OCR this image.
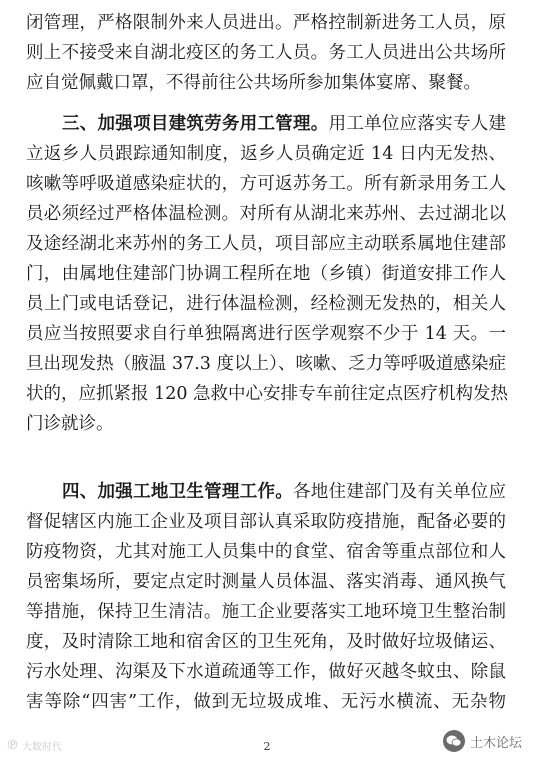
闭管理，严格限制外来人员进出。严格控制新进务工人员，原
则上不接受来自湖北疫区的务工人员。务工人员进出公共场所
应自觉佩戴口罩，不得前往公共场所参加集体宴席、聚餐。
三、加强项目建筑劳务用工管理。用工单位应落实专人建
立返乡人员跟踪通知制度，返乡人员确定近 14 日内无发热、
咳嗽等呼吸道感染症状的，方可返苏务工。所有新录用务工人
员必须经过严格体温检测。对所有从湖北来苏州、去过湖北以
及途经湖北来苏州的务工人员，项目部应主动联系属地住建部
门，由属地住建部门协调工程所在地（乡镇）街道安排工作人
员上门或电话登记，进行体温检测，经检测无发热的，相关人
员应当按照要求自行单独隔离进行医学观察不少于 14 天。一
旦出现发热（腋温 37.3 度以上）、咳嗽、乏力等呼吸道感染症
状的，应抓紧报 120 急救中心安排专车前往定点医疗机构发热
门诊就诊。
四、加强工地卫生管理工作。各地住建部门及有关单位应
督促辖区内施工企业及项目部认真采取防疫措施，配备必要的
防疫物资，尤其对施工人员集中的食堂、宿舍等重点部位和人
员密集场所，要定点定时测量人员体温、落实消毒、通风换气
等措施，保持卫生清洁。施工企业要落实工地环境卫生整治制
度，及时清除工地和宿舍区的卫生死角，及时做好垃圾储运、
污水处理、沟渠及下水道疏通等工作，做好灭越冬蚊虫、除鼠
害等除“四害”工作，做到无垃圾成堆、无污水横流、无杂物
2
℗ 大数时代	土木论坛
